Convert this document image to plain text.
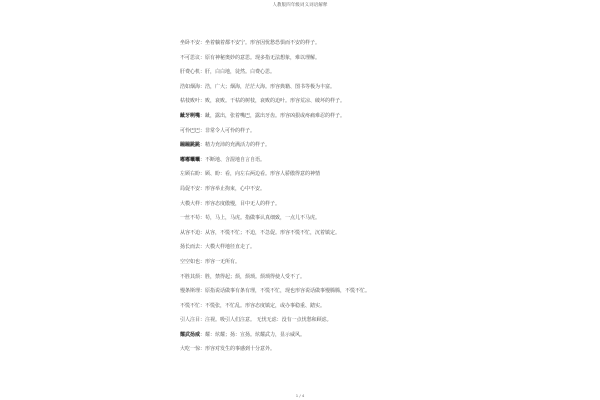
人教版四年级词义词语解释
坐卧不安：坐着躺着都不安宁。形容因忧愁恐惧而不安的样子。
不可思议：原有神秘奥妙的意思。现多指无法想象，难以理解。
肝费心机：肝，白白地，徒然。白费心思。
浩如烟海：浩，广大；烟海，茫茫大海。形容典籍、图书等极为丰富。
枯枝败叶：败，衰败。干枯的树枝，衰败的迫叶。形容荒凉、破坏的样子。
龇牙咧嘴：龇，露出，张着嘴巴，露出牙齿。形容凶狠或疼痛难忍的样子。
可怜巴巴：非常令人可怜的样子。
蹦蹦跳跳：精力充沛的充满活力的样子。
嘟嘟囔囔：不断地、含混地自言自语。
左顾右盼：顾、盼：看，向左右两边看。形容人骄傲得意的神情
局促不安：形容举止拘束，心中不安。
大模大样：形容态度傲慢，目中无人的样子。
一丝不苟：苟，马上，马虎。指做事认真细致，一点儿不马虎。
从容不迫：从容，不慌不忙；不迫，不急促。形容不慌不忙，沉着镇定。
扬长而去：大模大样地径直走了。
空空如也：形容一无所有。
不胜其烦：胜，禁得起；烦，烦琐。烦琐得使人受不了。
慢条斯理：原指说话做事有条有理，不慌不忙，现也形容说话做事慢腾腾，不慌不忙。
不慌不忙：不慌张，不忙乱。形容态度镇定，或办事稳重、踏实。
引人注目：注视。吸引人们注意。 无忧无虑：没有一点忧愁和顾虑。
耀武扬威：耀：炫耀；扬：宣扬。炫耀武力，显示威风。
大吃一惊：形容对发生的事感到十分意外。
1 / 4
